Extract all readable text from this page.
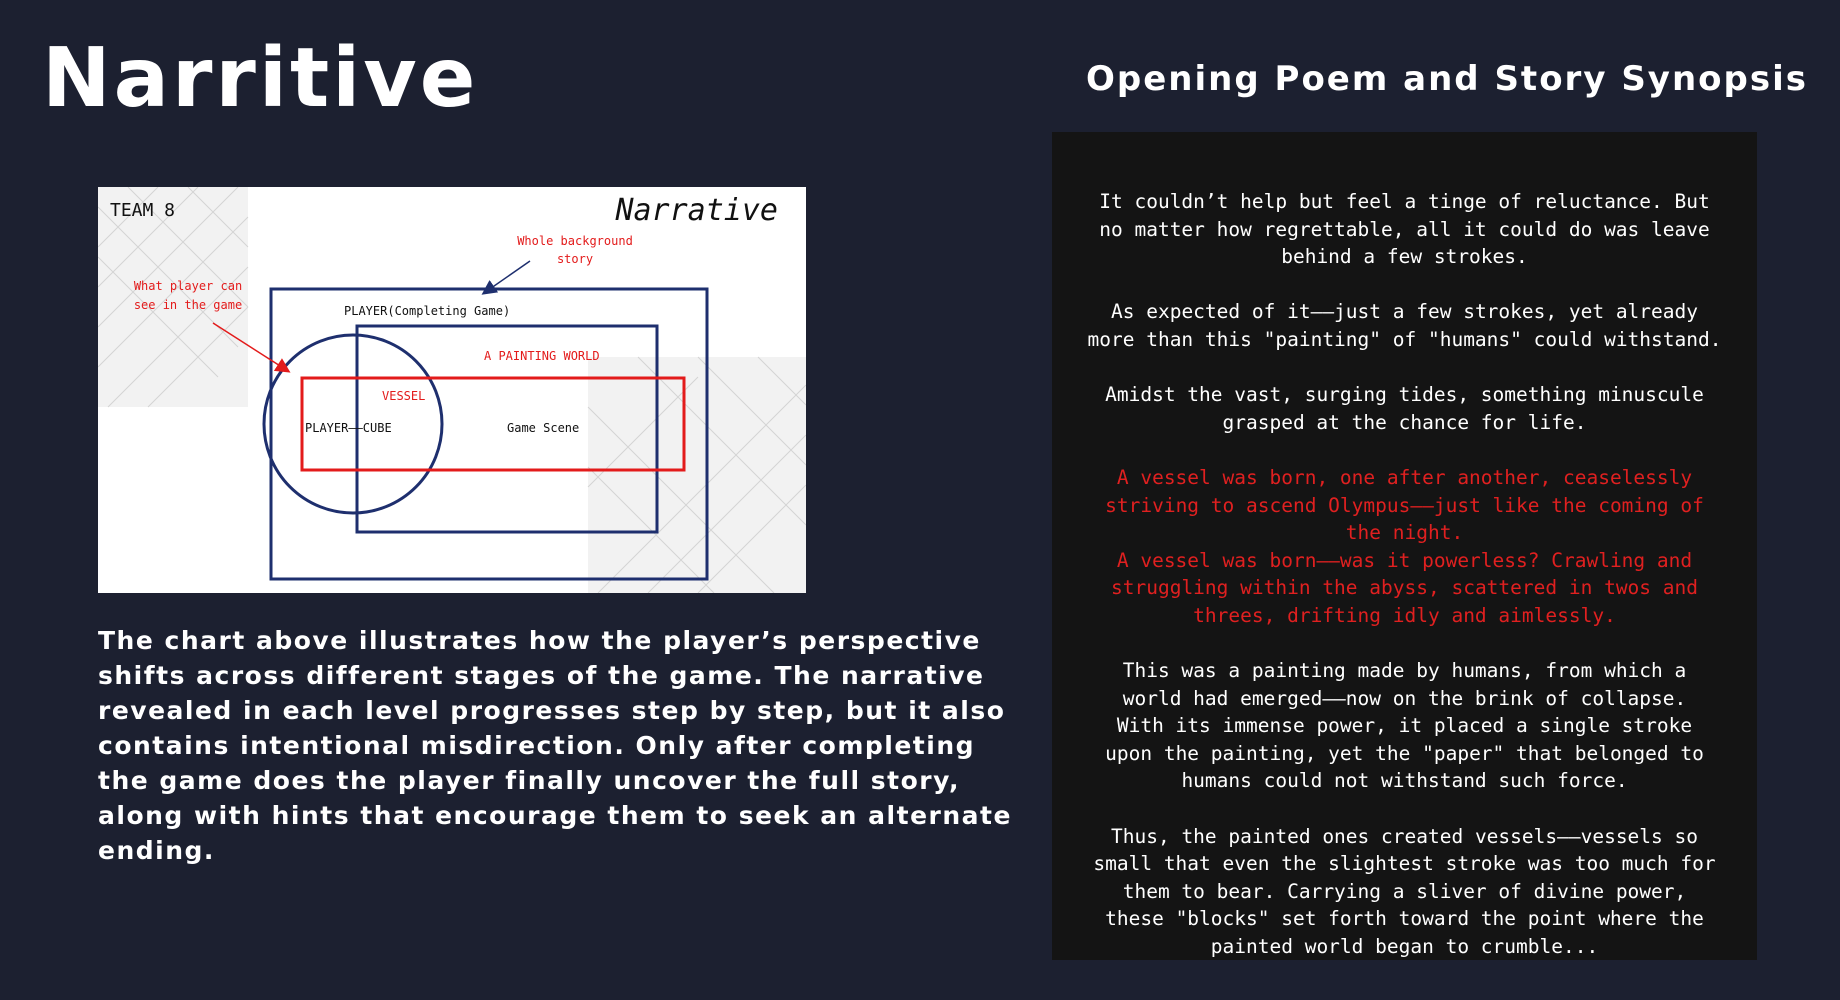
Narritive	Opening Poem and Story Synopsis
TEAM 8	Narrative
Whole background
story
What player can
see in the game	PLAYER(Completing Game)
A PAINTING WORLD
VESSEL
PLAYER——CUBE	Game Scene

The chart above illustrates how the player’s perspective shifts across different stages of the game. The narrative revealed in each level progresses step by step, but it also contains intentional misdirection. Only after completing the game does the player finally uncover the full story, along with hints that encourage them to seek an alternate ending.

It couldn’t help but feel a tinge of reluctance. But

no matter how regrettable, all it could do was leave

behind a few strokes.

As expected of it——just a few strokes, yet already

more than this "painting" of "humans" could withstand.

Amidst the vast, surging tides, something minuscule

grasped at the chance for life.

A vessel was born, one after another, ceaselessly

striving to ascend Olympus——just like the coming of

the night.

A vessel was born——was it powerless? Crawling and

struggling within the abyss, scattered in twos and

threes, drifting idly and aimlessly.

This was a painting made by humans, from which a

world had emerged——now on the brink of collapse.

With its immense power, it placed a single stroke

upon the painting, yet the "paper" that belonged to

humans could not withstand such force.

Thus, the painted ones created vessels——vessels so

small that even the slightest stroke was too much for

them to bear. Carrying a sliver of divine power,

these "blocks" set forth toward the point where the

painted world began to crumble...
